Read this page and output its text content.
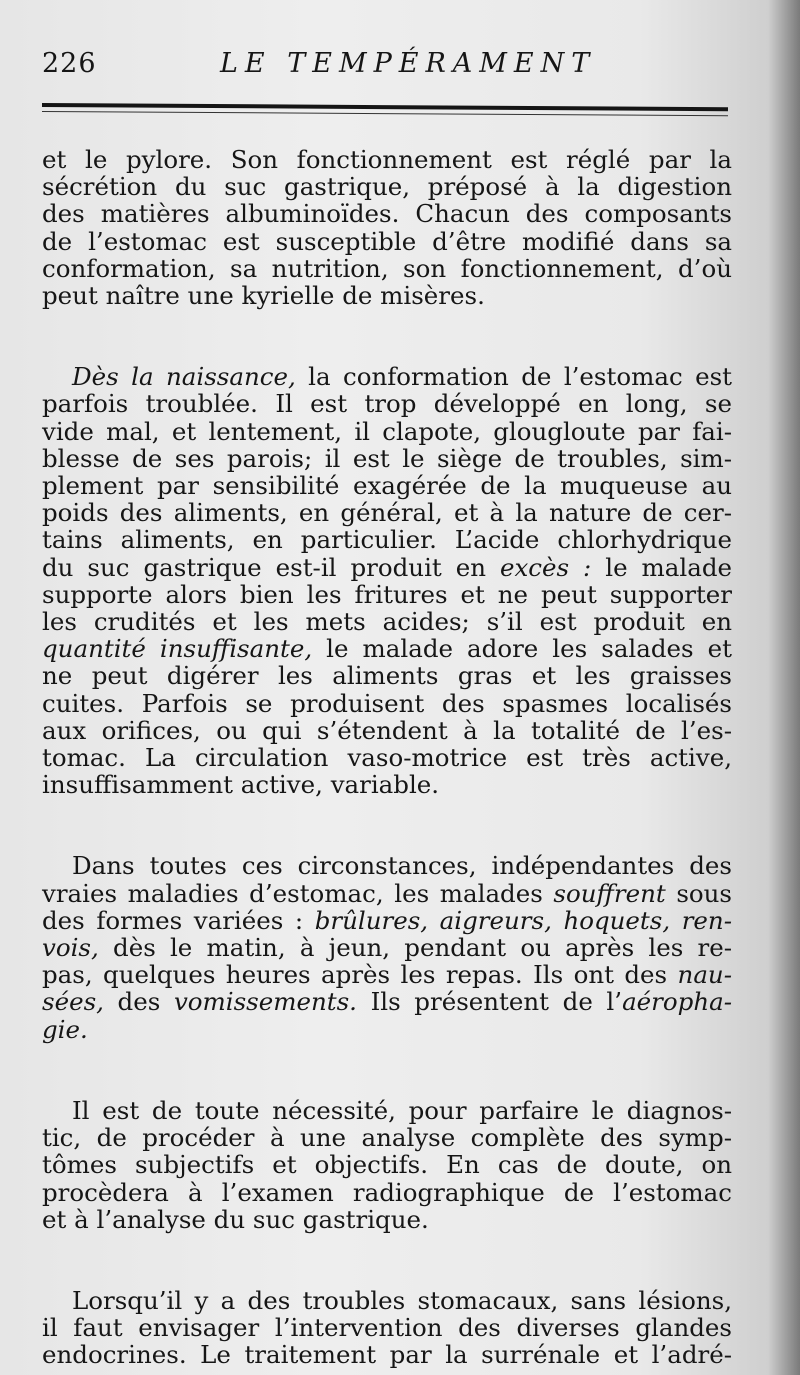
226	LE TEMPÉRAMENT

et le pylore. Son fonctionnement est réglé par la
sécrétion du suc gastrique, préposé à la digestion
des matières albuminoïdes. Chacun des composants
de l’estomac est susceptible d’être modifié dans sa
conformation, sa nutrition, son fonctionnement, d’où
peut naître une kyrielle de misères.

Dès la naissance, la conformation de l’estomac est
parfois troublée. Il est trop développé en long, se
vide mal, et lentement, il clapote, glougloute par fai-
blesse de ses parois; il est le siège de troubles, sim-
plement par sensibilité exagérée de la muqueuse au
poids des aliments, en général, et à la nature de cer-
tains aliments, en particulier. L’acide chlorhydrique
du suc gastrique est-il produit en excès : le malade
supporte alors bien les fritures et ne peut supporter
les crudités et les mets acides; s’il est produit en
quantité insuffisante, le malade adore les salades et
ne peut digérer les aliments gras et les graisses
cuites. Parfois se produisent des spasmes localisés
aux orifices, ou qui s’étendent à la totalité de l’es-
tomac. La circulation vaso-motrice est très active,
insuffisamment active, variable.

Dans toutes ces circonstances, indépendantes des
vraies maladies d’estomac, les malades souffrent sous
des formes variées : brûlures, aigreurs, hoquets, ren-
vois, dès le matin, à jeun, pendant ou après les re-
pas, quelques heures après les repas. Ils ont des nau-
sées, des vomissements. Ils présentent de l’aéropha-
gie.

Il est de toute nécessité, pour parfaire le diagnos-
tic, de procéder à une analyse complète des symp-
tômes subjectifs et objectifs. En cas de doute, on
procèdera à l’examen radiographique de l’estomac
et à l’analyse du suc gastrique.

Lorsqu’il y a des troubles stomacaux, sans lésions,
il faut envisager l’intervention des diverses glandes
endocrines. Le traitement par la surrénale et l’adré-
